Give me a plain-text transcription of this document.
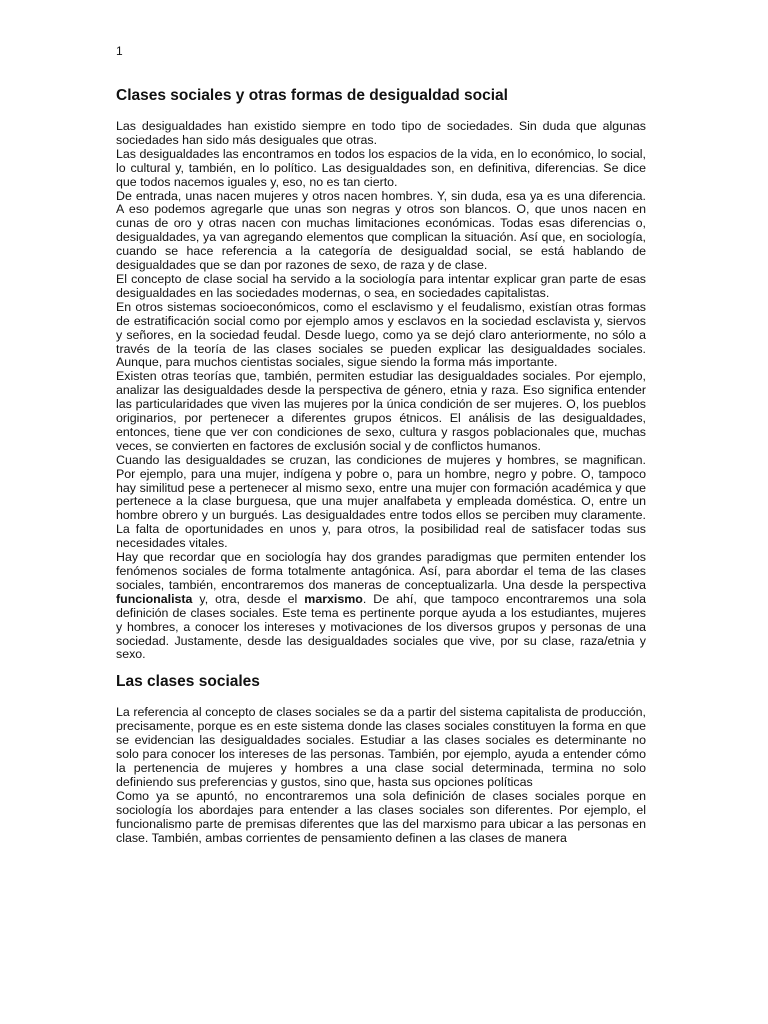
1
Clases sociales y otras formas de desigualdad social

Las desigualdades han existido siempre en todo tipo de sociedades. Sin duda que algunas sociedades han sido más desiguales que otras.

Las desigualdades las encontramos en todos los espacios de la vida, en lo económico, lo social, lo cultural y, también, en lo político. Las desigualdades son, en definitiva, diferencias. Se dice que todos nacemos iguales y, eso, no es tan cierto.

De entrada, unas nacen mujeres y otros nacen hombres. Y, sin duda, esa ya es una diferencia. A eso podemos agregarle que unas son negras y otros son blancos. O, que unos nacen en cunas de oro y otras nacen con muchas limitaciones económicas. Todas esas diferencias o, desigualdades, ya van agregando elementos que complican la situación. Así que, en sociología, cuando se hace referencia a la categoría de desigualdad social, se está hablando de desigualdades que se dan por razones de sexo, de raza y de clase.

El concepto de clase social ha servido a la sociología para intentar explicar gran parte de esas desigualdades en las sociedades modernas, o sea, en sociedades capitalistas.

En otros sistemas socioeconómicos, como el esclavismo y el feudalismo, existían otras formas de estratificación social como por ejemplo amos y esclavos en la sociedad esclavista y, siervos y señores, en la sociedad feudal. Desde luego, como ya se dejó claro anteriormente, no sólo a través de la teoría de las clases sociales se pueden explicar las desigualdades sociales. Aunque, para muchos cientistas sociales, sigue siendo la forma más importante.

Existen otras teorías que, también, permiten estudiar las desigualdades sociales. Por ejemplo, analizar las desigualdades desde la perspectiva de género, etnia y raza. Eso significa entender las particularidades que viven las mujeres por la única condición de ser mujeres. O, los pueblos originarios, por pertenecer a diferentes grupos étnicos. El análisis de las desigualdades, entonces, tiene que ver con condiciones de sexo, cultura y rasgos poblacionales que, muchas veces, se convierten en factores de exclusión social y de conflictos humanos.

Cuando las desigualdades se cruzan, las condiciones de mujeres y hombres, se magnifican. Por ejemplo, para una mujer, indígena y pobre o, para un hombre, negro y pobre. O, tampoco hay similitud pese a pertenecer al mismo sexo, entre una mujer con formación académica y que pertenece a la clase burguesa, que una mujer analfabeta y empleada doméstica. O, entre un hombre obrero y un burgués. Las desigualdades entre todos ellos se perciben muy claramente. La falta de oportunidades en unos y, para otros, la posibilidad real de satisfacer todas sus necesidades vitales.

Hay que recordar que en sociología hay dos grandes paradigmas que permiten entender los fenómenos sociales de forma totalmente antagónica. Así, para abordar el tema de las clases sociales, también, encontraremos dos maneras de conceptualizarla. Una desde la perspectiva funcionalista y, otra, desde el marxismo. De ahí, que tampoco encontraremos una sola definición de clases sociales. Este tema es pertinente porque ayuda a los estudiantes, mujeres y hombres, a conocer los intereses y motivaciones de los diversos grupos y personas de una sociedad. Justamente, desde las desigualdades sociales que vive, por su clase, raza/etnia y sexo.

Las clases sociales

La referencia al concepto de clases sociales se da a partir del sistema capitalista de producción, precisamente, porque es en este sistema donde las clases sociales constituyen la forma en que se evidencian las desigualdades sociales. Estudiar a las clases sociales es determinante no solo para conocer los intereses de las personas. También, por ejemplo, ayuda a entender cómo la pertenencia de mujeres y hombres a una clase social determinada, termina no solo definiendo sus preferencias y gustos, sino que, hasta sus opciones políticas

Como ya se apuntó, no encontraremos una sola definición de clases sociales porque en sociología los abordajes para entender a las clases sociales son diferentes. Por ejemplo, el funcionalismo parte de premisas diferentes que las del marxismo para ubicar a las personas en clase. También, ambas corrientes de pensamiento definen a las clases de manera
